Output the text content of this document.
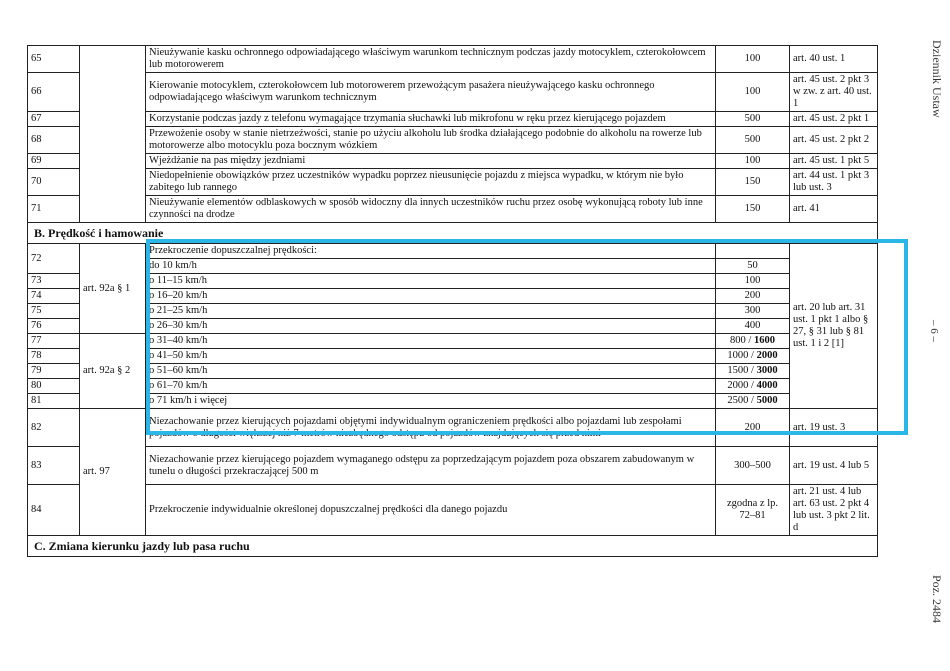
Dziennik Ustaw
– 6 –
Poz. 2484
65		Nieużywanie kasku ochronnego odpowiadającego właściwym warunkom technicznym podczas jazdy motocyklem, czterokołowcem lub motorowerem	100	art. 40 ust. 1
66		Kierowanie motocyklem, czterokołowcem lub motorowerem przewożącym pasażera nieużywającego kasku ochronnego odpowiadającego właściwym warunkom technicznym	100	art. 45 ust. 2 pkt 3 w zw. z art. 40 ust. 1
67		Korzystanie podczas jazdy z telefonu wymagające trzymania słuchawki lub mikrofonu w ręku przez kierującego pojazdem	500	art. 45 ust. 2 pkt 1
68		Przewożenie osoby w stanie nietrzeźwości, stanie po użyciu alkoholu lub środka działającego podobnie do alkoholu na rowerze lub motorowerze albo motocyklu poza bocznym wózkiem	500	art. 45 ust. 2 pkt 2
69		Wjeżdżanie na pas między jezdniami	100	art. 45 ust. 1 pkt 5
70		Niedopełnienie obowiązków przez uczestników wypadku poprzez nieusunięcie pojazdu z miejsca wypadku, w którym nie było zabitego lub rannego	150	art. 44 ust. 1 pkt 3 lub ust. 3
71		Nieużywanie elementów odblaskowych w sposób widoczny dla innych uczestników ruchu przez osobę wykonującą roboty lub inne czynności na drodze	150	art. 41
B. Prędkość i hamowanie				
72	art. 92a § 1	Przekroczenie dopuszczalnej prędkości:		art. 20 lub art. 31 ust. 1 pkt 1 albo § 27, § 31 lub § 81 ust. 1 i 2 [1]
		do 10 km/h	50	
73		o 11–15 km/h	100	
74		o 16–20 km/h	200	
75		o 21–25 km/h	300	
76		o 26–30 km/h	400	
77	art. 92a § 2	o 31–40 km/h	800 / 1600	
78		o 41–50 km/h	1000 / 2000	
79		o 51–60 km/h	1500 / 3000	
80		o 61–70 km/h	2000 / 4000	
81		o 71 km/h i więcej	2500 / 5000	
82	art. 97	Niezachowanie przez kierujących pojazdami objętymi indywidualnym ograniczeniem prędkości albo pojazdami lub zespołami pojazdów o długości większej niż 7 metrów niezbędnego odstępu od pojazdów znajdujących się przed nimi	200	art. 19 ust. 3
83		Niezachowanie przez kierującego pojazdem wymaganego odstępu za poprzedzającym pojazdem poza obszarem zabudowanym w tunelu o długości przekraczającej 500 m	300–500	art. 19 ust. 4 lub 5
84		Przekroczenie indywidualnie określonej dopuszczalnej prędkości dla danego pojazdu	zgodna z lp. 72–81	art. 21 ust. 4 lub art. 63 ust. 2 pkt 4 lub ust. 3 pkt 2 lit. d
C. Zmiana kierunku jazdy lub pasa ruchu				
